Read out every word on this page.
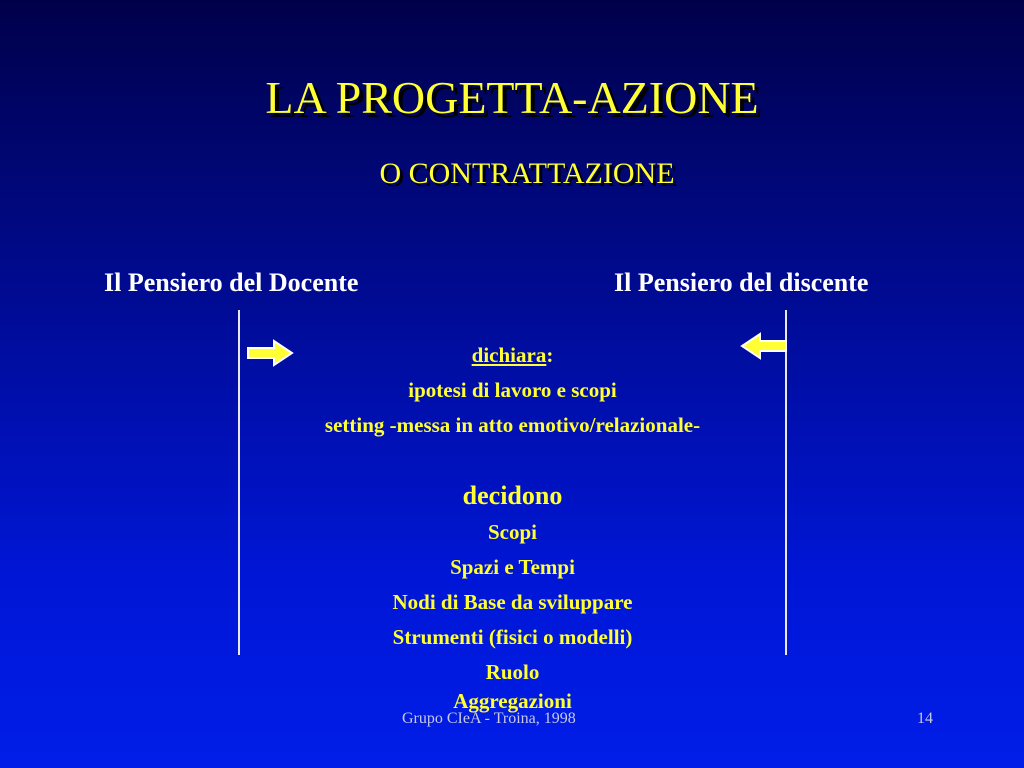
LA PROGETTA-AZIONE
O CONTRATTAZIONE
Il Pensiero del Docente	Il Pensiero del discente
dichiara:
ipotesi di lavoro e scopi
setting -messa in atto emotivo/relazionale-
decidono
Scopi
Spazi e Tempi
Nodi di Base da sviluppare
Strumenti (fisici o modelli)
Ruolo
Grupo CIeA - Troina, 1998	14
Aggregazioni
